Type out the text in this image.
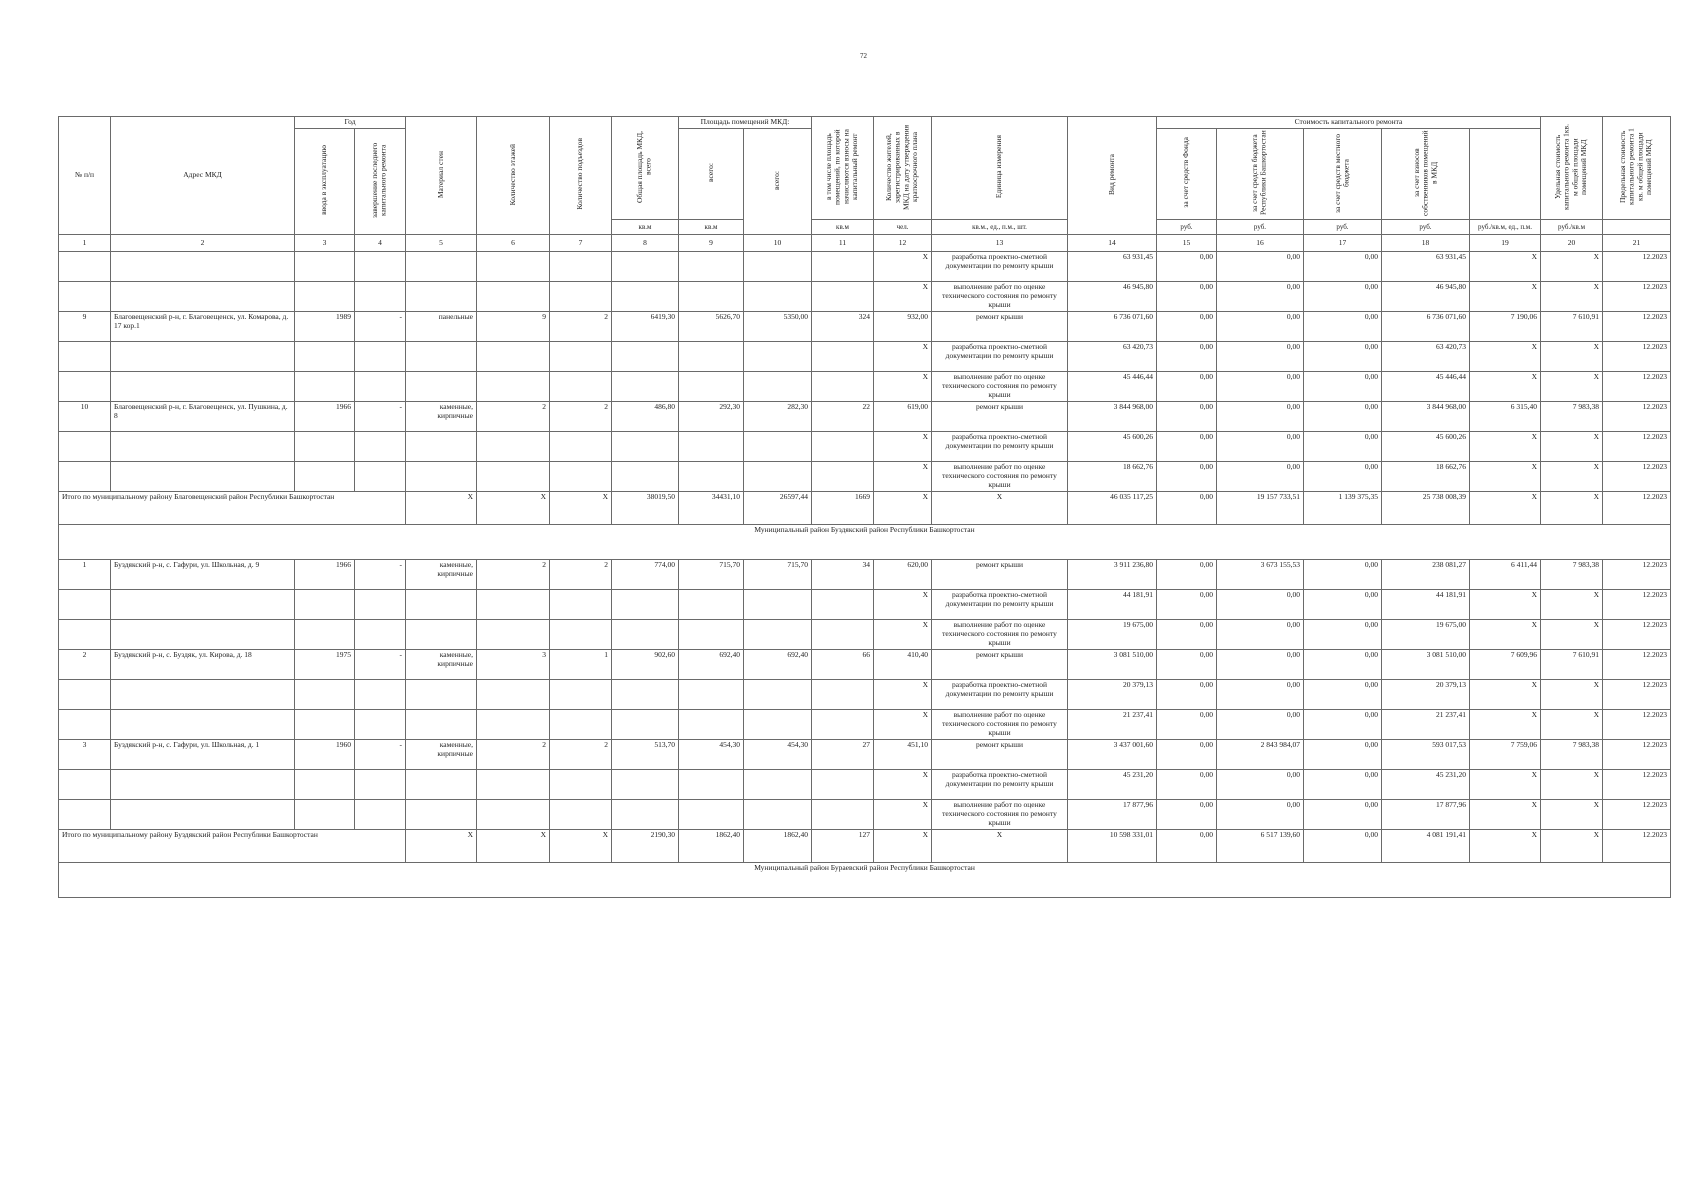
72
№ п/п	Адрес МКД	Год		Материал стен	Количество этажей	Количество подъездов	Общая площадь МКД, всего	Площадь помещений МКД:		в том числе площадь помещений, по которой начисляются взносы на капитальный ремонт	Количество жителей, зарегистрированных в МКД на дату утверждения краткосрочного плана	Единица измерения	Вид ремонта	Стоимость капитального ремонта					Удельная стоимость капитального ремонта 1кв. м общей площади помещений МКД	Предельная стоимость капитального ремонта 1 кв. м общей площади помещений МКД	
		ввода в эксплуатацию	завершение последнего капитального ремонта					всего:	всего:					за счет средств Фонда	за счет средств бюджета Республики Башкортостан	за счет средств местного бюджета	за счет взносов собственников помещений в МКД				
							кв.м	кв.м		кв.м	чел.	кв.м., ед., п.м., шт.		руб.	руб.	руб.	руб.	руб./кв.м, ед., п.м.	руб./кв.м		
1	2	3	4	5	6	7	8	9	10	11	12	13	14	15	16	17	18	19	20	21	
											X	разработка проектно-сметной документации по ремонту крыши	63 931,45	0,00	0,00	0,00	63 931,45	X	X	12.2023	
											X	выполнение работ по оценке технического состояния по ремонту крыши	46 945,80	0,00	0,00	0,00	46 945,80	X	X	12.2023	
9	Благовещенский р-н, г. Благовещенск, ул. Комарова, д. 17 кор.1	1989	-	панельные	9	2	6419,30	5626,70	5350,00	324	932,00	ремонт крыши	6 736 071,60	0,00	0,00	0,00	6 736 071,60	7 190,06	7 610,91	12.2023	
											X	разработка проектно-сметной документации по ремонту крыши	63 420,73	0,00	0,00	0,00	63 420,73	X	X	12.2023	
											X	выполнение работ по оценке технического состояния по ремонту крыши	45 446,44	0,00	0,00	0,00	45 446,44	X	X	12.2023	
10	Благовещенский р-н, г. Благовещенск, ул. Пушкина, д. 8	1966	-	каменные, кирпичные	2	2	486,80	292,30	282,30	22	619,00	ремонт крыши	3 844 968,00	0,00	0,00	0,00	3 844 968,00	6 315,40	7 983,38	12.2023	
											X	разработка проектно-сметной документации по ремонту крыши	45 600,26	0,00	0,00	0,00	45 600,26	X	X	12.2023	
											X	выполнение работ по оценке технического состояния по ремонту крыши	18 662,76	0,00	0,00	0,00	18 662,76	X	X	12.2023	
Итого по муниципальному району Благовещенский район Республики Башкортостан				X	X	X	38019,50	34431,10	26597,44	1669	X	X	46 035 117,25	0,00	19 157 733,51	1 139 375,35	25 738 008,39	X	X	12.2023	
Муниципальный район Буздякский район Республики Башкортостан																					
1	Буздякский р-н, с. Гафури, ул. Школьная, д. 9	1966	-	каменные, кирпичные	2	2	774,00	715,70	715,70	34	620,00	ремонт крыши	3 911 236,80	0,00	3 673 155,53	0,00	238 081,27	6 411,44	7 983,38	12.2023	
											X	разработка проектно-сметной документации по ремонту крыши	44 181,91	0,00	0,00	0,00	44 181,91	X	X	12.2023	
											X	выполнение работ по оценке технического состояния по ремонту крыши	19 675,00	0,00	0,00	0,00	19 675,00	X	X	12.2023	
2	Буздякский р-н, с. Буздяк, ул. Кирова, д. 18	1975	-	каменные, кирпичные	3	1	902,60	692,40	692,40	66	410,40	ремонт крыши	3 081 510,00	0,00	0,00	0,00	3 081 510,00	7 609,96	7 610,91	12.2023	
											X	разработка проектно-сметной документации по ремонту крыши	20 379,13	0,00	0,00	0,00	20 379,13	X	X	12.2023	
											X	выполнение работ по оценке технического состояния по ремонту крыши	21 237,41	0,00	0,00	0,00	21 237,41	X	X	12.2023	
3	Буздякский р-н, с. Гафури, ул. Школьная, д. 1	1960	-	каменные, кирпичные	2	2	513,70	454,30	454,30	27	451,10	ремонт крыши	3 437 001,60	0,00	2 843 984,07	0,00	593 017,53	7 759,06	7 983,38	12.2023	
											X	разработка проектно-сметной документации по ремонту крыши	45 231,20	0,00	0,00	0,00	45 231,20	X	X	12.2023	
											X	выполнение работ по оценке технического состояния по ремонту крыши	17 877,96	0,00	0,00	0,00	17 877,96	X	X	12.2023	
Итого по муниципальному району Буздякский район Республики Башкортостан				X	X	X	2190,30	1862,40	1862,40	127	X	X	10 598 331,01	0,00	6 517 139,60	0,00	4 081 191,41	X	X	12.2023	
Муниципальный район Бураевский район Республики Башкортостан																					
